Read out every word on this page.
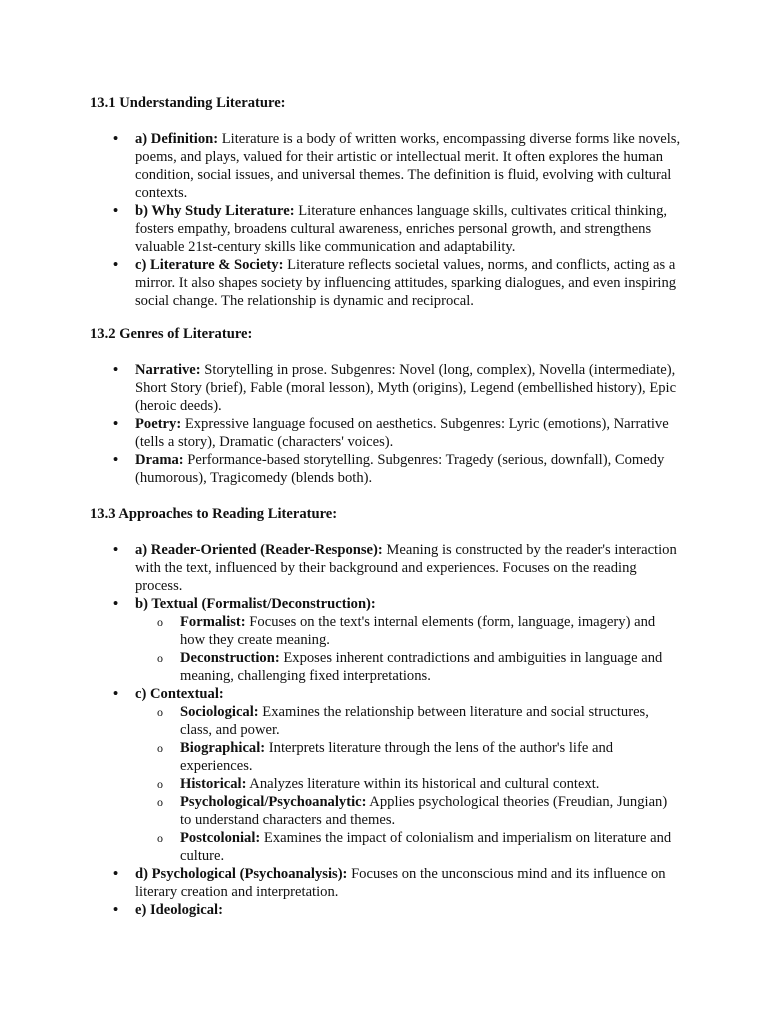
13.1 Understanding Literature:
• a) Definition: Literature is a body of written works, encompassing diverse forms like novels, poems, and plays, valued for their artistic or intellectual merit. It often explores the human condition, social issues, and universal themes. The definition is fluid, evolving with cultural contexts.
• b) Why Study Literature: Literature enhances language skills, cultivates critical thinking, fosters empathy, broadens cultural awareness, enriches personal growth, and strengthens valuable 21st-century skills like communication and adaptability.
• c) Literature & Society: Literature reflects societal values, norms, and conflicts, acting as a mirror. It also shapes society by influencing attitudes, sparking dialogues, and even inspiring social change. The relationship is dynamic and reciprocal.
13.2 Genres of Literature:
• Narrative: Storytelling in prose. Subgenres: Novel (long, complex), Novella (intermediate), Short Story (brief), Fable (moral lesson), Myth (origins), Legend (embellished history), Epic (heroic deeds).
• Poetry: Expressive language focused on aesthetics. Subgenres: Lyric (emotions), Narrative (tells a story), Dramatic (characters' voices).
• Drama: Performance-based storytelling. Subgenres: Tragedy (serious, downfall), Comedy (humorous), Tragicomedy (blends both).
13.3 Approaches to Reading Literature:
• a) Reader-Oriented (Reader-Response): Meaning is constructed by the reader's interaction with the text, influenced by their background and experiences. Focuses on the reading process.
• b) Textual (Formalist/Deconstruction):
o Formalist: Focuses on the text's internal elements (form, language, imagery) and how they create meaning.
o Deconstruction: Exposes inherent contradictions and ambiguities in language and meaning, challenging fixed interpretations.
• c) Contextual:
o Sociological: Examines the relationship between literature and social structures, class, and power.
o Biographical: Interprets literature through the lens of the author's life and experiences.
o Historical: Analyzes literature within its historical and cultural context.
o Psychological/Psychoanalytic: Applies psychological theories (Freudian, Jungian) to understand characters and themes.
o Postcolonial: Examines the impact of colonialism and imperialism on literature and culture.
• d) Psychological (Psychoanalysis): Focuses on the unconscious mind and its influence on literary creation and interpretation.
• e) Ideological:
